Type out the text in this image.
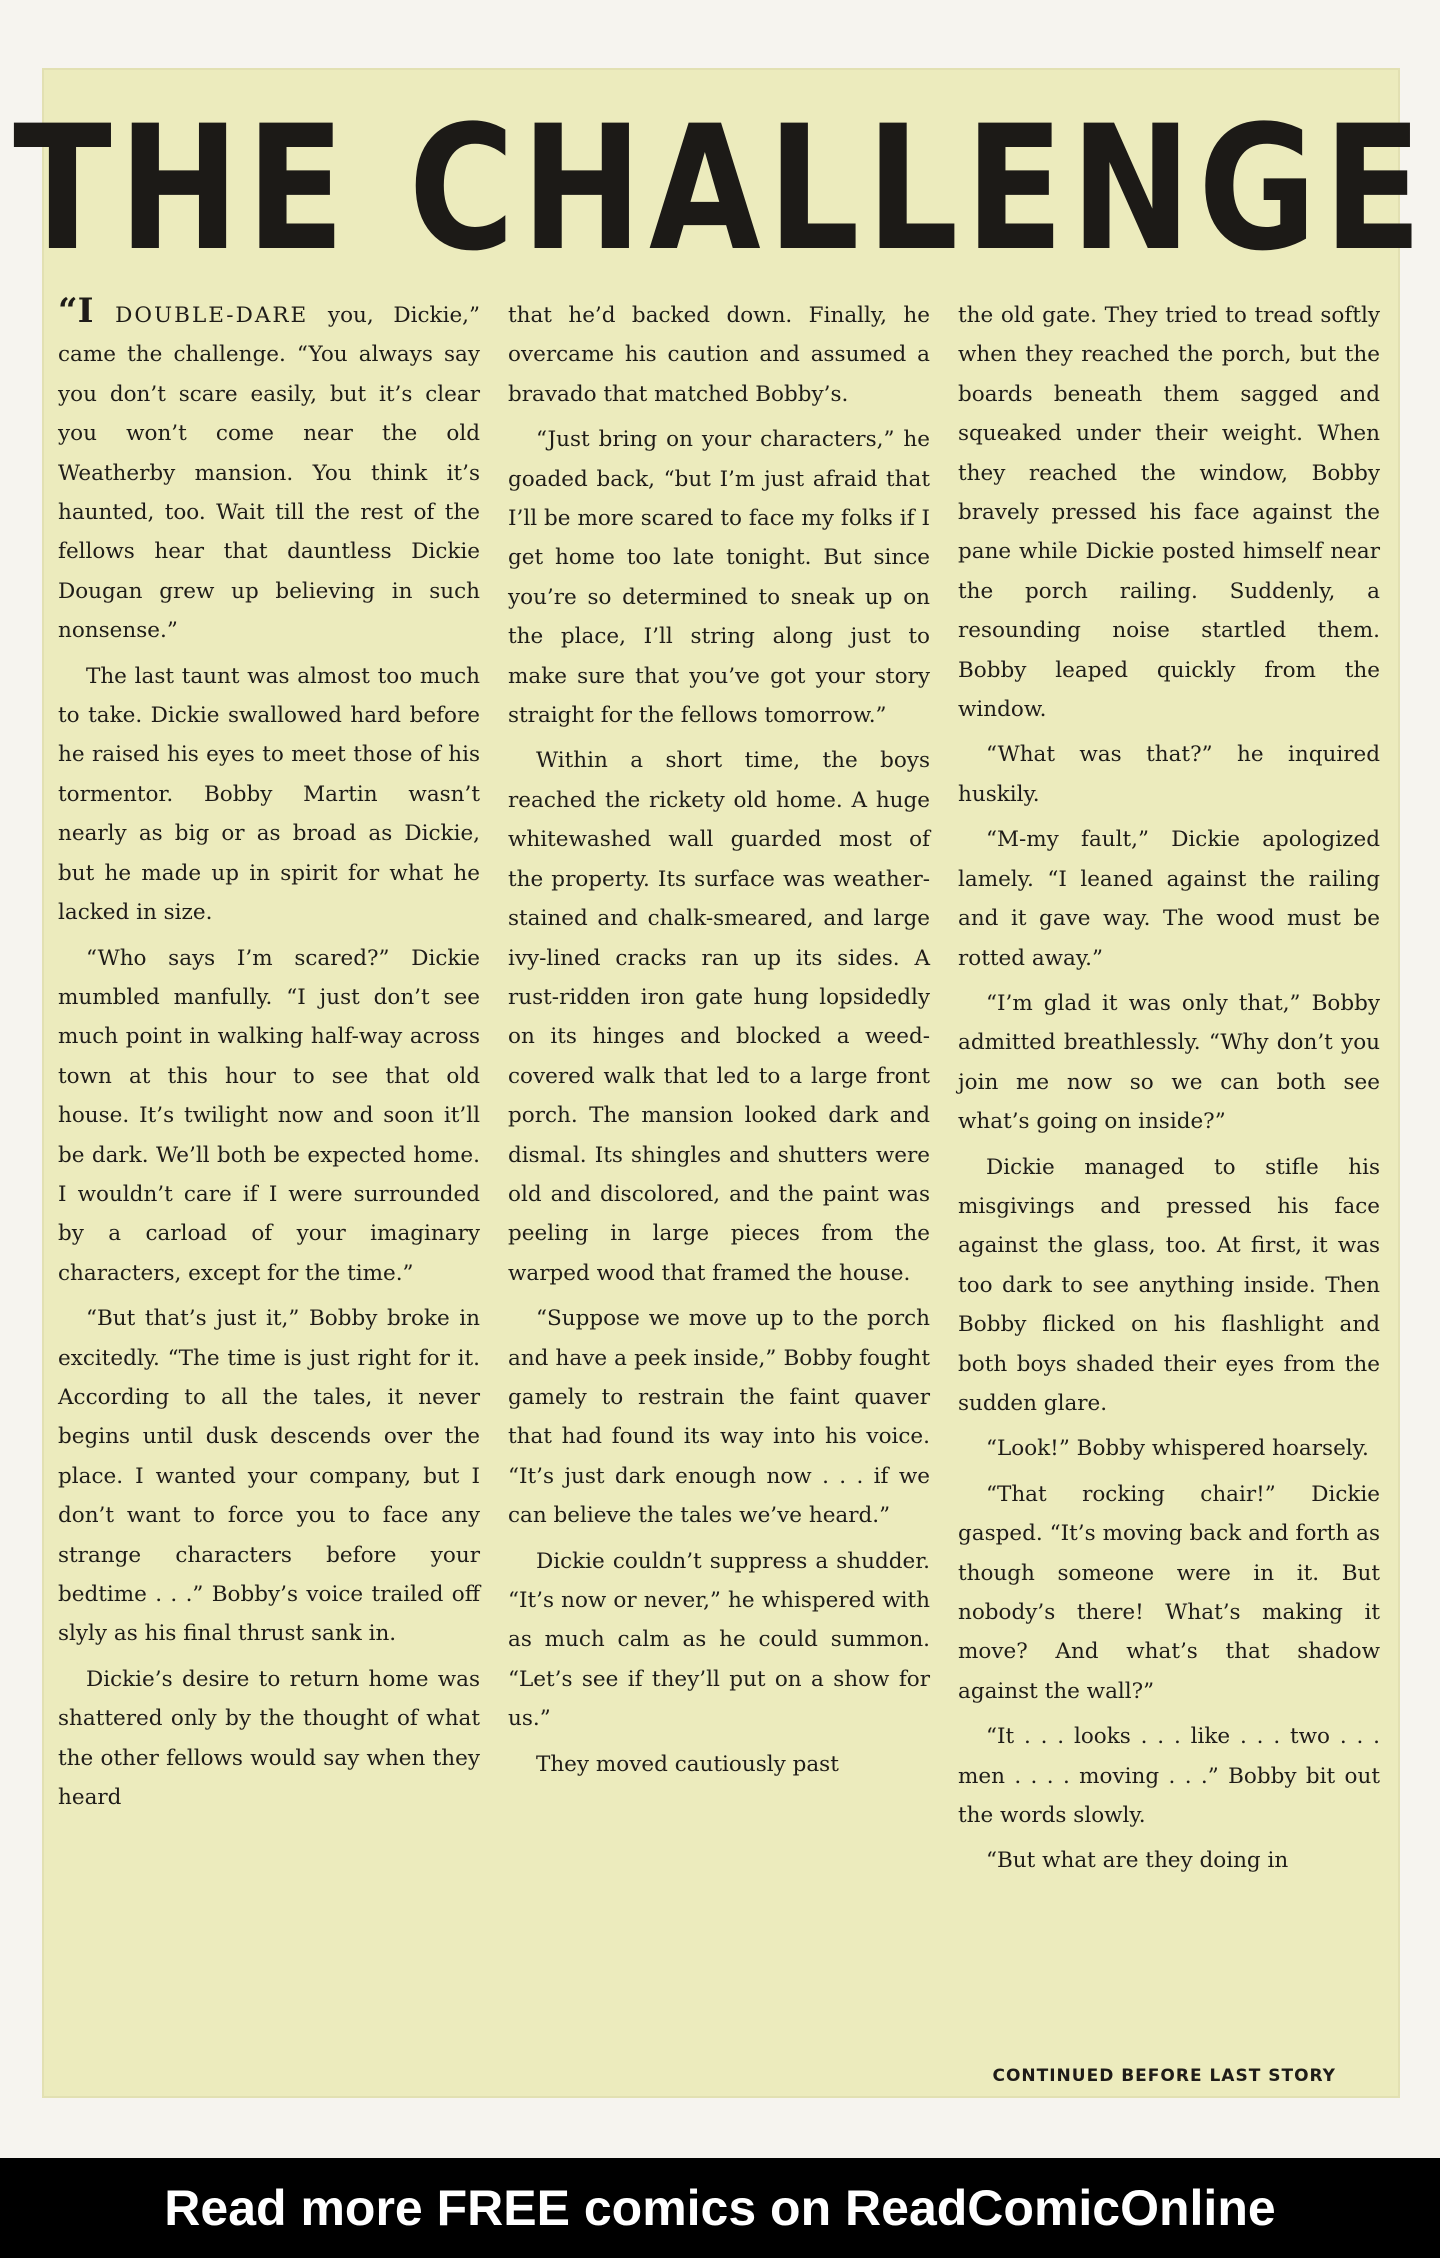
THE CHALLENGE

“I DOUBLE-DARE you, Dickie,” came the challenge. “You always say you don’t scare easily, but it’s clear you won’t come near the old Weatherby mansion. You think it’s haunted, too. Wait till the rest of the fellows hear that dauntless Dickie Dougan grew up believing in such nonsense.”

The last taunt was almost too much to take. Dickie swallowed hard before he raised his eyes to meet those of his tormentor. Bobby Martin wasn’t nearly as big or as broad as Dickie, but he made up in spirit for what he lacked in size.

“Who says I’m scared?” Dickie mumbled manfully. “I just don’t see much point in walking half-way across town at this hour to see that old house. It’s twilight now and soon it’ll be dark. We’ll both be expected home. I wouldn’t care if I were surrounded by a carload of your imaginary characters, except for the time.”

“But that’s just it,” Bobby broke in excitedly. “The time is just right for it. According to all the tales, it never begins until dusk descends over the place. I wanted your company, but I don’t want to force you to face any strange characters before your bedtime . . .” Bobby’s voice trailed off slyly as his final thrust sank in.

Dickie’s desire to return home was shattered only by the thought of what the other fellows would say when they heard

that he’d backed down. Finally, he overcame his caution and assumed a bravado that matched Bobby’s.

“Just bring on your characters,” he goaded back, “but I’m just afraid that I’ll be more scared to face my folks if I get home too late tonight. But since you’re so determined to sneak up on the place, I’ll string along just to make sure that you’ve got your story straight for the fellows tomorrow.”

Within a short time, the boys reached the rickety old home. A huge whitewashed wall guarded most of the property. Its surface was weather-stained and chalk-smeared, and large ivy-lined cracks ran up its sides. A rust-ridden iron gate hung lopsidedly on its hinges and blocked a weed-covered walk that led to a large front porch. The mansion looked dark and dismal. Its shingles and shutters were old and discolored, and the paint was peeling in large pieces from the warped wood that framed the house.

“Suppose we move up to the porch and have a peek inside,” Bobby fought gamely to restrain the faint quaver that had found its way into his voice. “It’s just dark enough now . . . if we can believe the tales we’ve heard.”

Dickie couldn’t suppress a shudder. “It’s now or never,” he whispered with as much calm as he could summon. “Let’s see if they’ll put on a show for us.”

They moved cautiously past

the old gate. They tried to tread softly when they reached the porch, but the boards beneath them sagged and squeaked under their weight. When they reached the window, Bobby bravely pressed his face against the pane while Dickie posted himself near the porch railing. Suddenly, a resounding noise startled them. Bobby leaped quickly from the window.

“What was that?” he inquired huskily.

“M-my fault,” Dickie apologized lamely. “I leaned against the railing and it gave way. The wood must be rotted away.”

“I’m glad it was only that,” Bobby admitted breathlessly. “Why don’t you join me now so we can both see what’s going on inside?”

Dickie managed to stifle his misgivings and pressed his face against the glass, too. At first, it was too dark to see anything inside. Then Bobby flicked on his flashlight and both boys shaded their eyes from the sudden glare.

“Look!” Bobby whispered hoarsely.

“That rocking chair!” Dickie gasped. “It’s moving back and forth as though someone were in it. But nobody’s there! What’s making it move? And what’s that shadow against the wall?”

“It . . . looks . . . like . . . two . . . men . . . . moving . . .” Bobby bit out the words slowly.

“But what are they doing in

CONTINUED BEFORE LAST STORY
Read more FREE comics on ReadComicOnline
